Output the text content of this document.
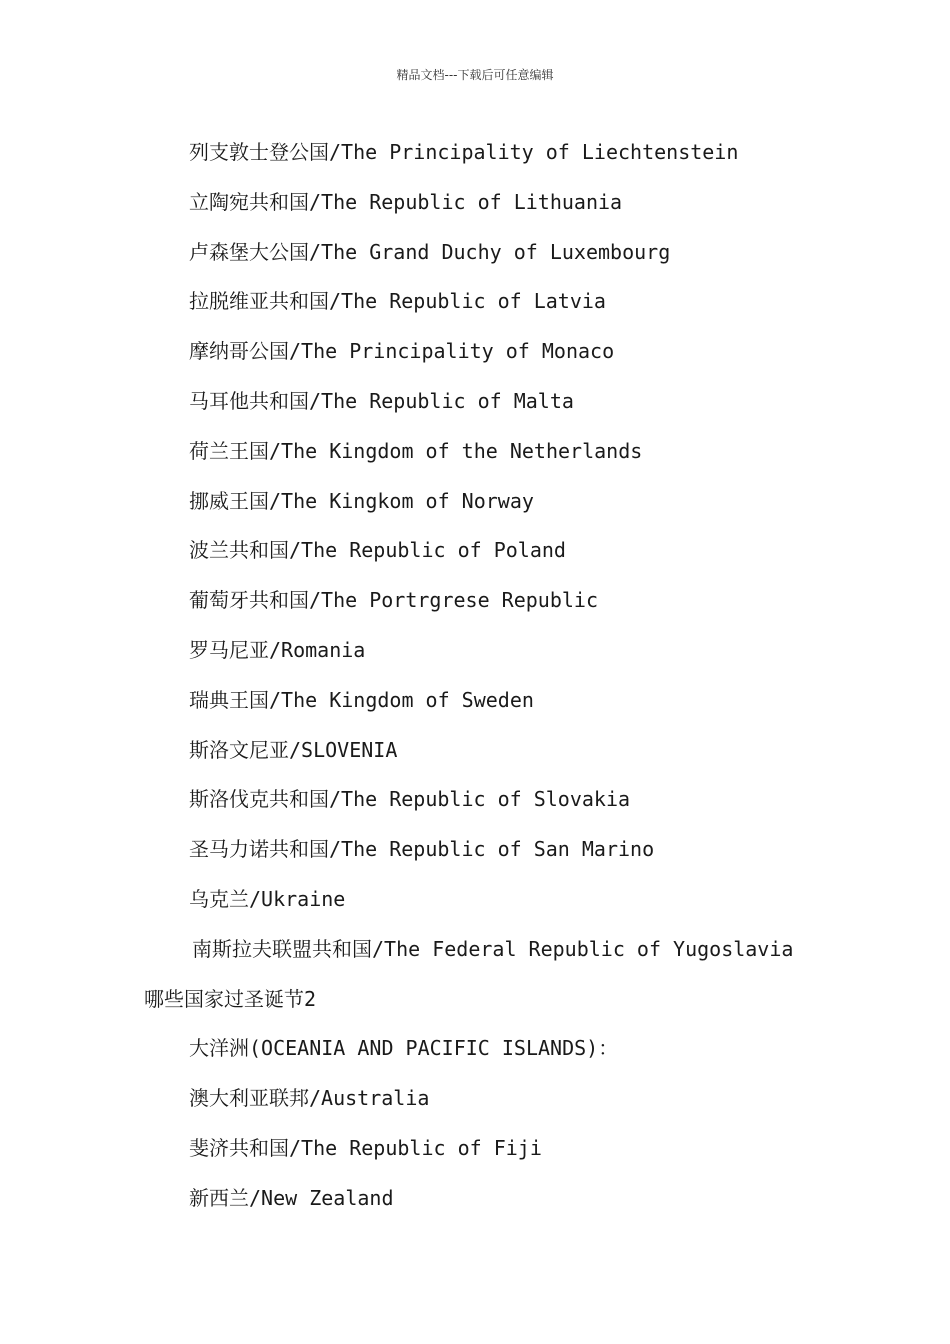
精品文档---下载后可任意编辑
列支敦士登公国/The Principality of Liechtenstein
立陶宛共和国/The Republic of Lithuania
卢森堡大公国/The Grand Duchy of Luxembourg
拉脱维亚共和国/The Republic of Latvia
摩纳哥公国/The Principality of Monaco
马耳他共和国/The Republic of Malta
荷兰王国/The Kingdom of the Netherlands
挪威王国/The Kingkom of Norway
波兰共和国/The Republic of Poland
葡萄牙共和国/The Portrgrese Republic
罗马尼亚/Romania
瑞典王国/The Kingdom of Sweden
斯洛文尼亚/SLOVENIA
斯洛伐克共和国/The Republic of Slovakia
圣马力诺共和国/The Republic of San Marino
乌克兰/Ukraine
南斯拉夫联盟共和国/The Federal Republic of Yugoslavia
哪些国家过圣诞节2
大洋洲(OCEANIA AND PACIFIC ISLANDS)：
澳大利亚联邦/Australia
斐济共和国/The Republic of Fiji
新西兰/New Zealand
